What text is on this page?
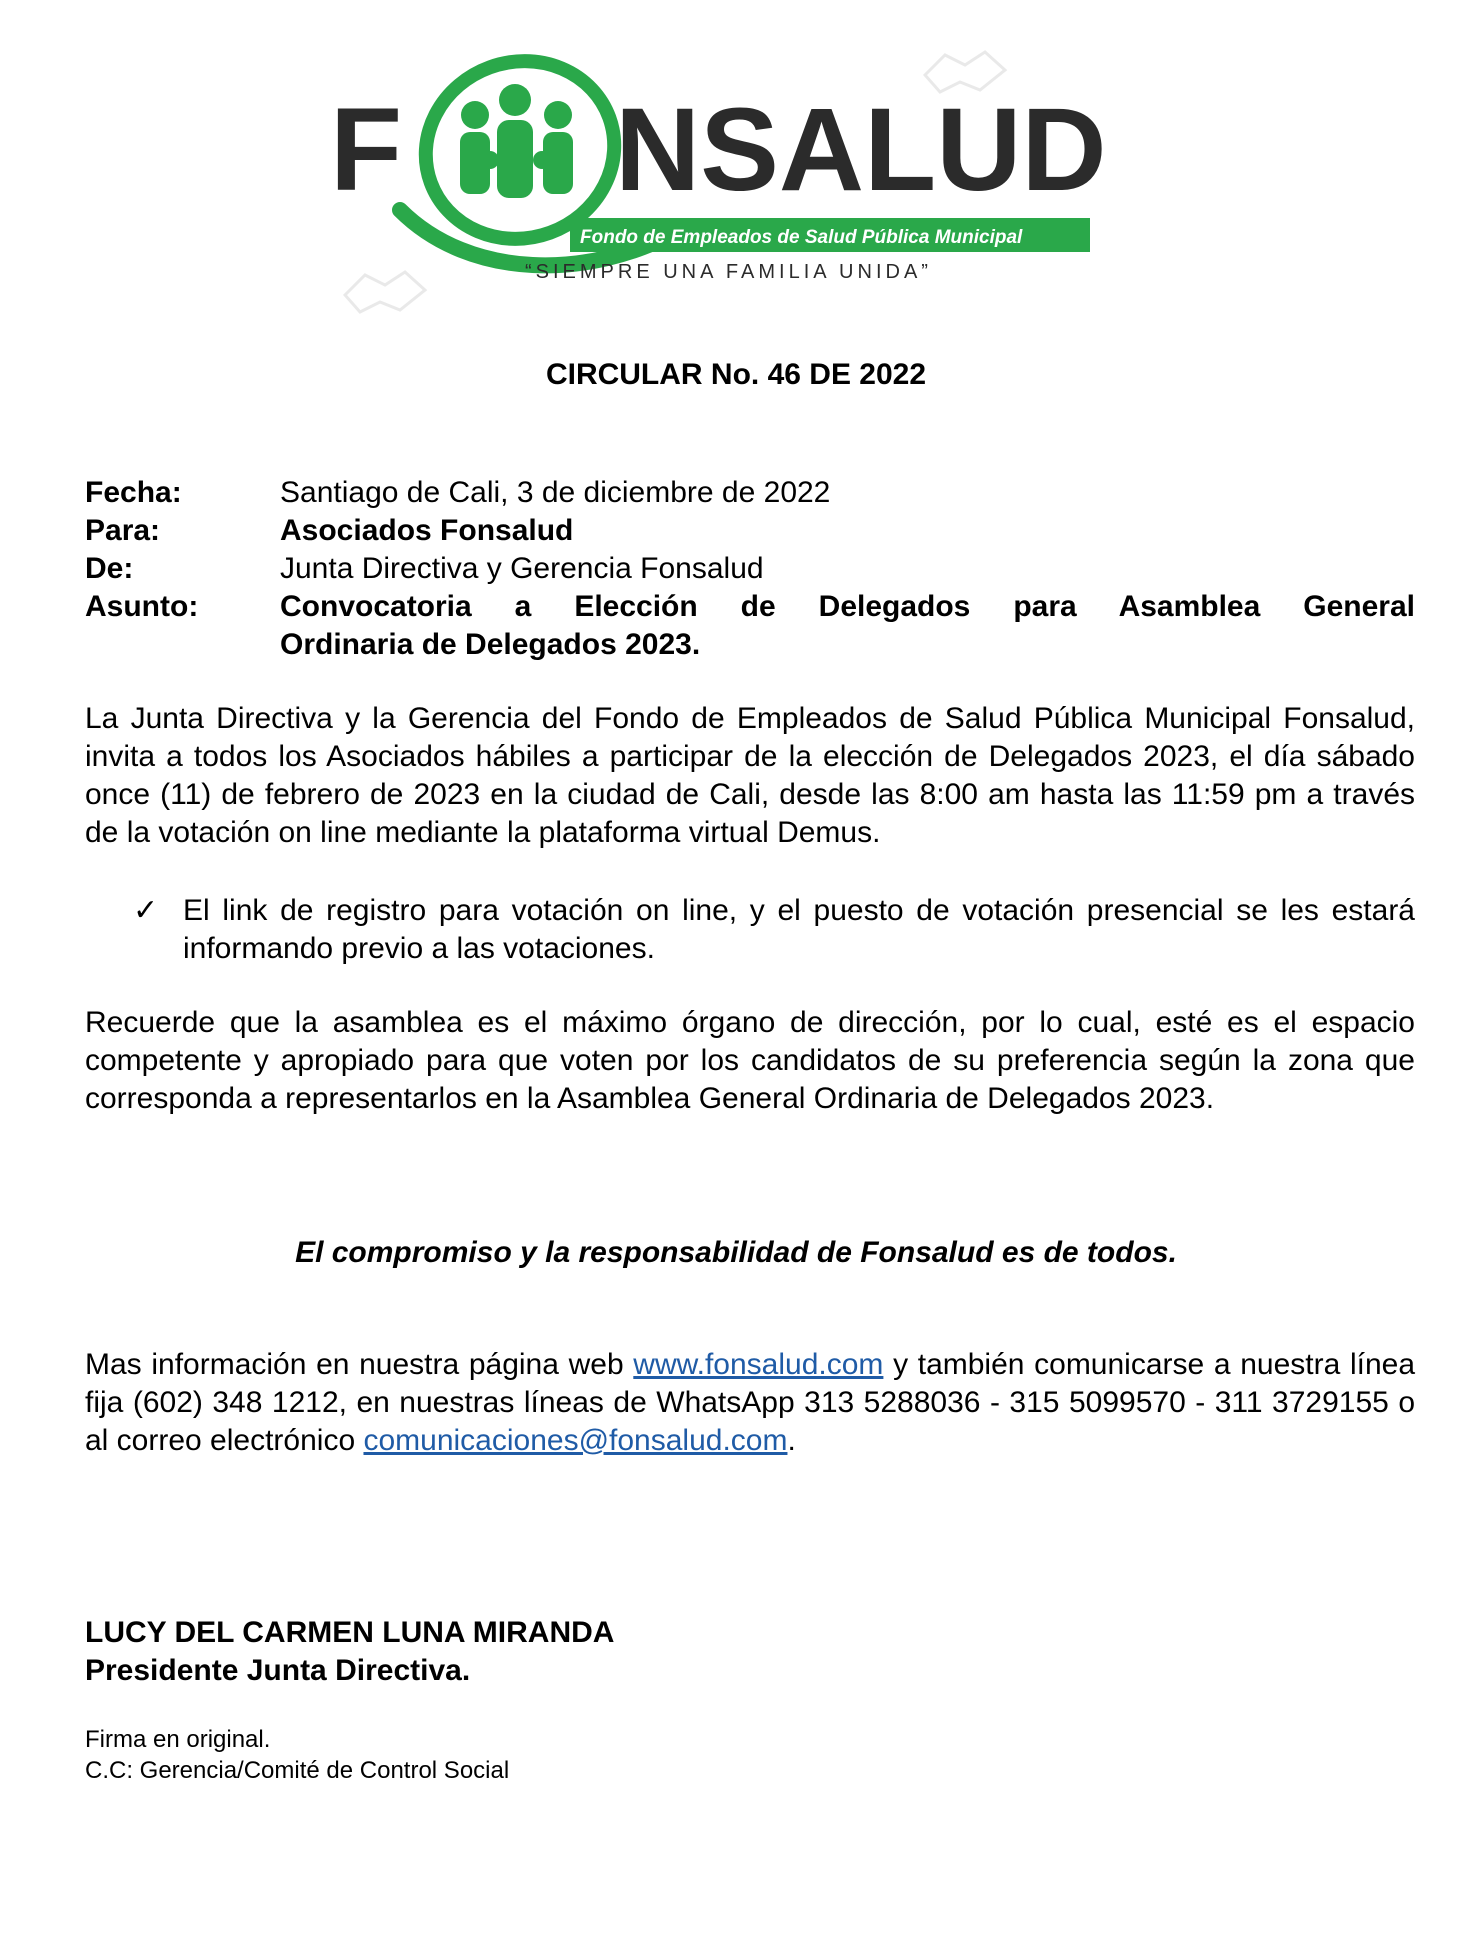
F NSALUD
Fondo de Empleados de Salud Pública Municipal
“SIEMPRE UNA FAMILIA UNIDA”
CIRCULAR No. 46 DE 2022
Fecha:	Santiago de Cali, 3 de diciembre de 2022
Para:	Asociados Fonsalud
De:	Junta Directiva y Gerencia Fonsalud
Asunto:	Convocatoria a Elección de Delegados para Asamblea General
Ordinaria de Delegados 2023.
La Junta Directiva y la Gerencia del Fondo de Empleados de Salud Pública Municipal Fonsalud, invita a todos los Asociados hábiles a participar de la elección de Delegados 2023, el día sábado once (11) de febrero de 2023 en la ciudad de Cali, desde las 8:00 am hasta las 11:59 pm a través de la votación on line mediante la plataforma virtual Demus.
✓ El link de registro para votación on line, y el puesto de votación presencial se les estará informando previo a las votaciones.
Recuerde que la asamblea es el máximo órgano de dirección, por lo cual, esté es el espacio competente y apropiado para que voten por los candidatos de su preferencia según la zona que corresponda a representarlos en la Asamblea General Ordinaria de Delegados 2023.
El compromiso y la responsabilidad de Fonsalud es de todos.
Mas información en nuestra página web www.fonsalud.com y también comunicarse a nuestra línea fija (602) 348 1212, en nuestras líneas de WhatsApp 313 5288036 - 315 5099570 - 311 3729155 o al correo electrónico comunicaciones@fonsalud.com.
LUCY DEL CARMEN LUNA MIRANDA
Presidente Junta Directiva.
Firma en original.
C.C: Gerencia/Comité de Control Social
